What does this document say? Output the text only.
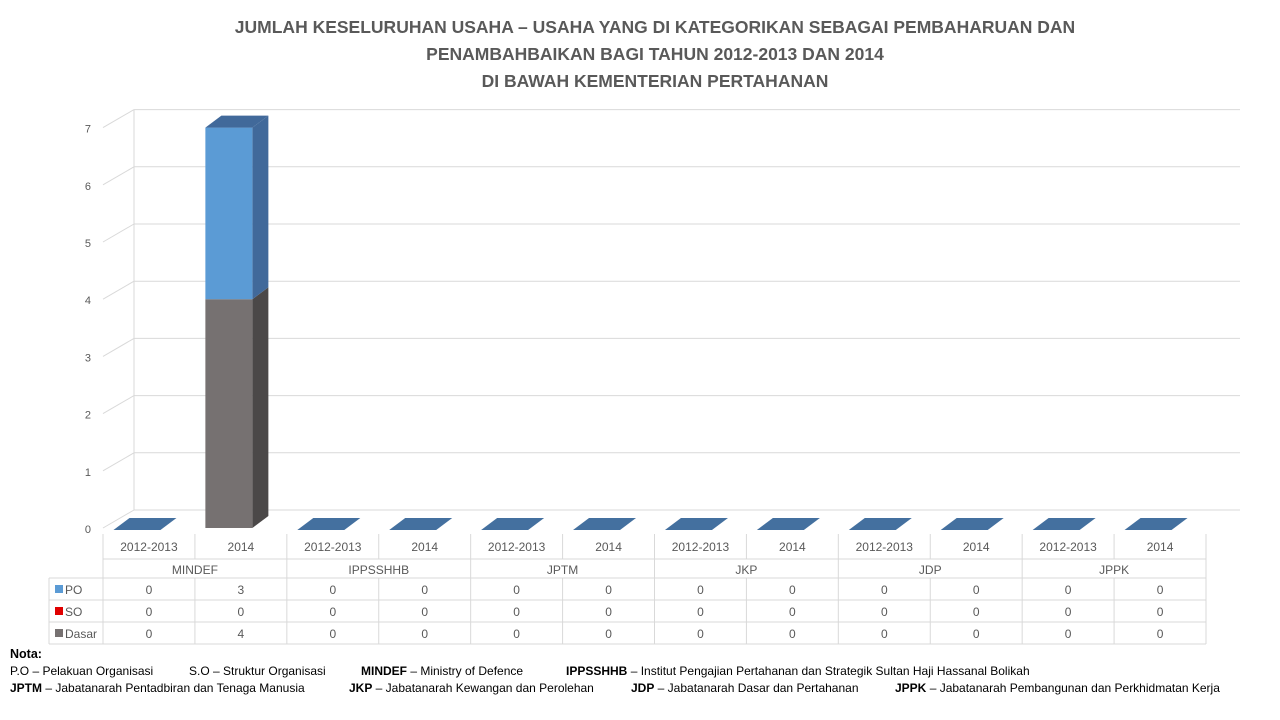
JUMLAH KESELURUHAN USAHA – USAHA YANG DI KATEGORIKAN SEBAGAI PEMBAHARUAN DAN
PENAMBAHBAIKAN BAGI TAHUN 2012-2013 DAN 2014
DI BAWAH KEMENTERIAN PERTAHANAN
0
1
2
3
4
5
6
7
2012-2013	2014	2012-2013	2014	2012-2013	2014	2012-2013	2014	2012-2013	2014	2012-2013	2014
MINDEF	IPPSSHHB	JPTM	JKP	JDP	JPPK
PO	0	3	0	0	0	0	0	0	0	0	0	0
SO	0	0	0	0	0	0	0	0	0	0	0	0
Dasar	0	4	0	0	0	0	0	0	0	0	0	0
Nota:
P.O – Pelakuan Organisasi	S.O – Struktur Organisasi	MINDEF – Ministry of Defence	IPPSSHHB – Institut Pengajian Pertahanan dan Strategik Sultan Haji Hassanal Bolikah
JPTM – Jabatanarah Pentadbiran dan Tenaga Manusia	JKP – Jabatanarah Kewangan dan Perolehan	JDP – Jabatanarah Dasar dan Pertahanan	JPPK – Jabatanarah Pembangunan dan Perkhidmatan Kerja
